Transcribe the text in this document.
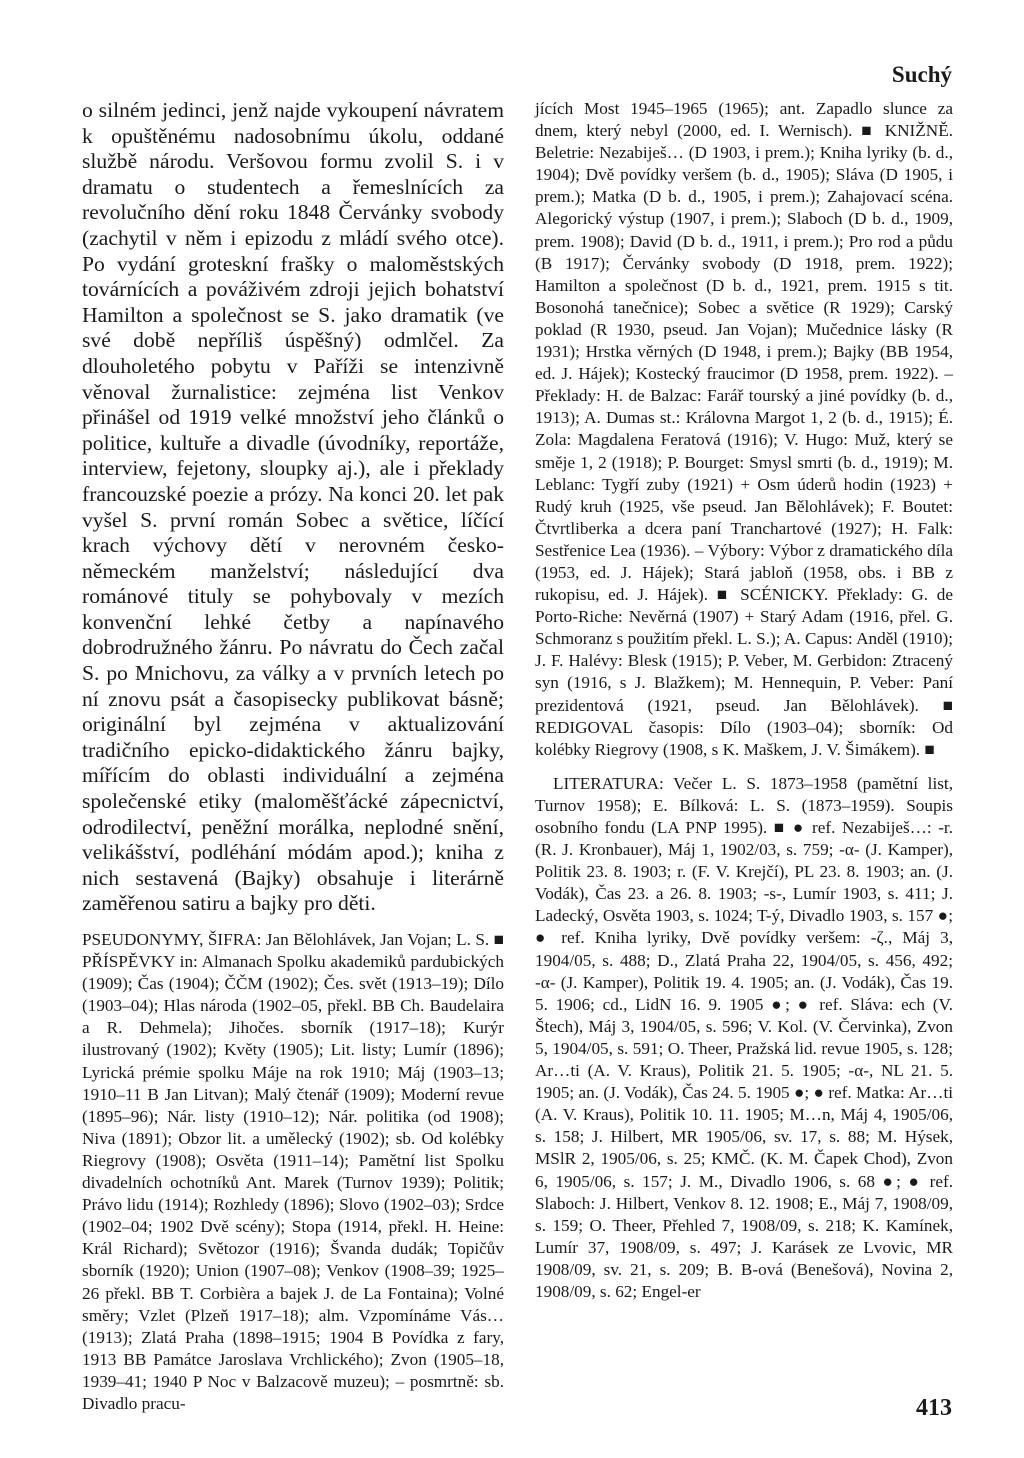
Suchý

o silném jedinci, jenž najde vykoupení návratem k opuštěnému nadosobnímu úkolu, oddané službě národu. Veršovou formu zvolil S. i v dramatu o studentech a řemeslnících za revolučního dění roku 1848 Červánky svobody (zachytil v něm i epizodu z mládí svého otce). Po vydání groteskní frašky o maloměstských továrnících a pováživém zdroji jejich bohatství Hamilton a společnost se S. jako dramatik (ve své době nepříliš úspěšný) odmlčel. Za dlouholetého pobytu v Paříži se intenzivně věnoval žurnalistice: zejména list Venkov přinášel od 1919 velké množství jeho článků o politice, kultuře a divadle (úvodníky, reportáže, interview, fejetony, sloupky aj.), ale i překlady francouzské poezie a prózy. Na konci 20. let pak vyšel S. první román Sobec a světice, líčící krach výchovy dětí v nerovném česko-německém manželství; následující dva románové tituly se pohybovaly v mezích konvenční lehké četby a napínavého dobrodružného žánru. Po návratu do Čech začal S. po Mnichovu, za války a v prvních letech po ní znovu psát a časopisecky publikovat básně; originální byl zejména v aktualizování tradičního epicko-didaktického žánru bajky, mířícím do oblasti individuální a zejména společenské etiky (maloměšťácké zápecnictví, odrodilectví, peněžní morálka, neplodné snění, velikášství, podléhání módám apod.); kniha z nich sestavená (Bajky) obsahuje i literárně zaměřenou satiru a bajky pro děti.

PSEUDONYMY, ŠIFRA: Jan Bělohlávek, Jan Vojan; L. S. ■ PŘÍSPĚVKY in: Almanach Spolku akademiků pardubických (1909); Čas (1904); ČČM (1902); Čes. svět (1913–19); Dílo (1903–04); Hlas národa (1902–05, překl. BB Ch. Baudelaira a R. Dehmela); Jihočes. sborník (1917–18); Kurýr ilustrovaný (1902); Květy (1905); Lit. listy; Lumír (1896); Lyrická prémie spolku Máje na rok 1910; Máj (1903–13; 1910–11 B Jan Litvan); Malý čtenář (1909); Moderní revue (1895–96); Nár. listy (1910–12); Nár. politika (od 1908); Niva (1891); Obzor lit. a umělecký (1902); sb. Od kolébky Riegrovy (1908); Osvěta (1911–14); Pamětní list Spolku divadelních ochotníků Ant. Marek (Turnov 1939); Politik; Právo lidu (1914); Rozhledy (1896); Slovo (1902–03); Srdce (1902–04; 1902 Dvě scény); Stopa (1914, překl. H. Heine: Král Richard); Světozor (1916); Švanda dudák; Topičův sborník (1920); Union (1907–08); Venkov (1908–39; 1925–26 překl. BB T. Corbièra a bajek J. de La Fontaina); Volné směry; Vzlet (Plzeň 1917–18); alm. Vzpomínáme Vás… (1913); Zlatá Praha (1898–1915; 1904 B Povídka z fary, 1913 BB Památce Jaroslava Vrchlického); Zvon (1905–18, 1939–41; 1940 P Noc v Balzacově muzeu); – posmrtně: sb. Divadlo pracu-

jících Most 1945–1965 (1965); ant. Zapadlo slunce za dnem, který nebyl (2000, ed. I. Wernisch). ■ KNIŽNĚ. Beletrie: Nezabiješ… (D 1903, i prem.); Kniha lyriky (b. d., 1904); Dvě povídky veršem (b. d., 1905); Sláva (D 1905, i prem.); Matka (D b. d., 1905, i prem.); Zahajovací scéna. Alegorický výstup (1907, i prem.); Slaboch (D b. d., 1909, prem. 1908); David (D b. d., 1911, i prem.); Pro rod a půdu (B 1917); Červánky svobody (D 1918, prem. 1922); Hamilton a společnost (D b. d., 1921, prem. 1915 s tit. Bosonohá tanečnice); Sobec a světice (R 1929); Carský poklad (R 1930, pseud. Jan Vojan); Mučednice lásky (R 1931); Hrstka věrných (D 1948, i prem.); Bajky (BB 1954, ed. J. Hájek); Kostecký fraucimor (D 1958, prem. 1922). – Překlady: H. de Balzac: Farář tourský a jiné povídky (b. d., 1913); A. Dumas st.: Královna Margot 1, 2 (b. d., 1915); É. Zola: Magdalena Feratová (1916); V. Hugo: Muž, který se směje 1, 2 (1918); P. Bourget: Smysl smrti (b. d., 1919); M. Leblanc: Tygří zuby (1921) + Osm úderů hodin (1923) + Rudý kruh (1925, vše pseud. Jan Bělohlávek); F. Boutet: Čtvrtliberka a dcera paní Tranchartové (1927); H. Falk: Sestřenice Lea (1936). – Výbory: Výbor z dramatického díla (1953, ed. J. Hájek); Stará jabloň (1958, obs. i BB z rukopisu, ed. J. Hájek). ■ SCÉNICKY. Překlady: G. de Porto-Riche: Nevěrná (1907) + Starý Adam (1916, přel. G. Schmoranz s použitím překl. L. S.); A. Capus: Anděl (1910); J. F. Halévy: Blesk (1915); P. Veber, M. Gerbidon: Ztracený syn (1916, s J. Blažkem); M. Hennequin, P. Veber: Paní prezidentová (1921, pseud. Jan Bělohlávek). ■ REDIGOVAL časopis: Dílo (1903–04); sborník: Od kolébky Riegrovy (1908, s K. Maškem, J. V. Šimákem). ■

LITERATURA: Večer L. S. 1873–1958 (pamětní list, Turnov 1958); E. Bílková: L. S. (1873–1959). Soupis osobního fondu (LA PNP 1995). ■ ● ref. Nezabiješ…: -r. (R. J. Kronbauer), Máj 1, 1902/03, s. 759; -α- (J. Kamper), Politik 23. 8. 1903; r. (F. V. Krejčí), PL 23. 8. 1903; an. (J. Vodák), Čas 23. a 26. 8. 1903; -s-, Lumír 1903, s. 411; J. Ladecký, Osvěta 1903, s. 1024; T-ý, Divadlo 1903, s. 157 ●; ● ref. Kniha lyriky, Dvě povídky veršem: -ζ., Máj 3, 1904/05, s. 488; D., Zlatá Praha 22, 1904/05, s. 456, 492; -α- (J. Kamper), Politik 19. 4. 1905; an. (J. Vodák), Čas 19. 5. 1906; cd., LidN 16. 9. 1905 ●; ● ref. Sláva: ech (V. Štech), Máj 3, 1904/05, s. 596; V. Kol. (V. Červinka), Zvon 5, 1904/05, s. 591; O. Theer, Pražská lid. revue 1905, s. 128; Ar…ti (A. V. Kraus), Politik 21. 5. 1905; -α-, NL 21. 5. 1905; an. (J. Vodák), Čas 24. 5. 1905 ●; ● ref. Matka: Ar…ti (A. V. Kraus), Politik 10. 11. 1905; M…n, Máj 4, 1905/06, s. 158; J. Hilbert, MR 1905/06, sv. 17, s. 88; M. Hýsek, MSlR 2, 1905/06, s. 25; KMČ. (K. M. Čapek Chod), Zvon 6, 1905/06, s. 157; J. M., Divadlo 1906, s. 68 ●; ● ref. Slaboch: J. Hilbert, Venkov 8. 12. 1908; E., Máj 7, 1908/09, s. 159; O. Theer, Přehled 7, 1908/09, s. 218; K. Kamínek, Lumír 37, 1908/09, s. 497; J. Karásek ze Lvovic, MR 1908/09, sv. 21, s. 209; B. B-ová (Benešová), Novina 2, 1908/09, s. 62; Engel-er

413
